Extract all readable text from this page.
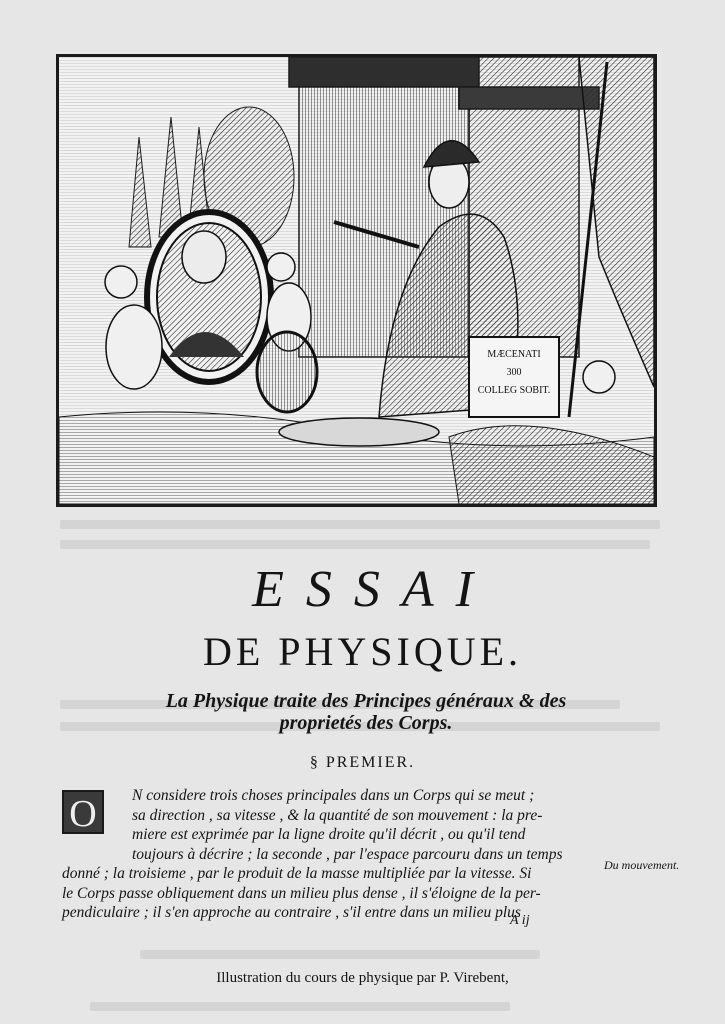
MÆCENATI
300
COLLEG SOBIT.
ESSAI
DE PHYSIQUE.
La Physique traite des Principes généraux & des
proprietés des Corps.
§ PREMIER.
O	N considere trois choses principales dans un Corps qui se meut ;
sa direction , sa vitesse , & la quantité de son mouvement : la pre-
miere est exprimée par la ligne droite qu'il décrit , ou qu'il tend
toujours à décrire ; la seconde , par l'espace parcouru dans un temps

donné ; la troisieme , par le produit de la masse multipliée par la vitesse. Si
le Corps passe obliquement dans un milieu plus dense , il s'éloigne de la per-
pendiculaire ; il s'en approche au contraire , s'il entre dans un milieu plus

Du mouvement.
A ij
Illustration du cours de physique par P. Virebent,
